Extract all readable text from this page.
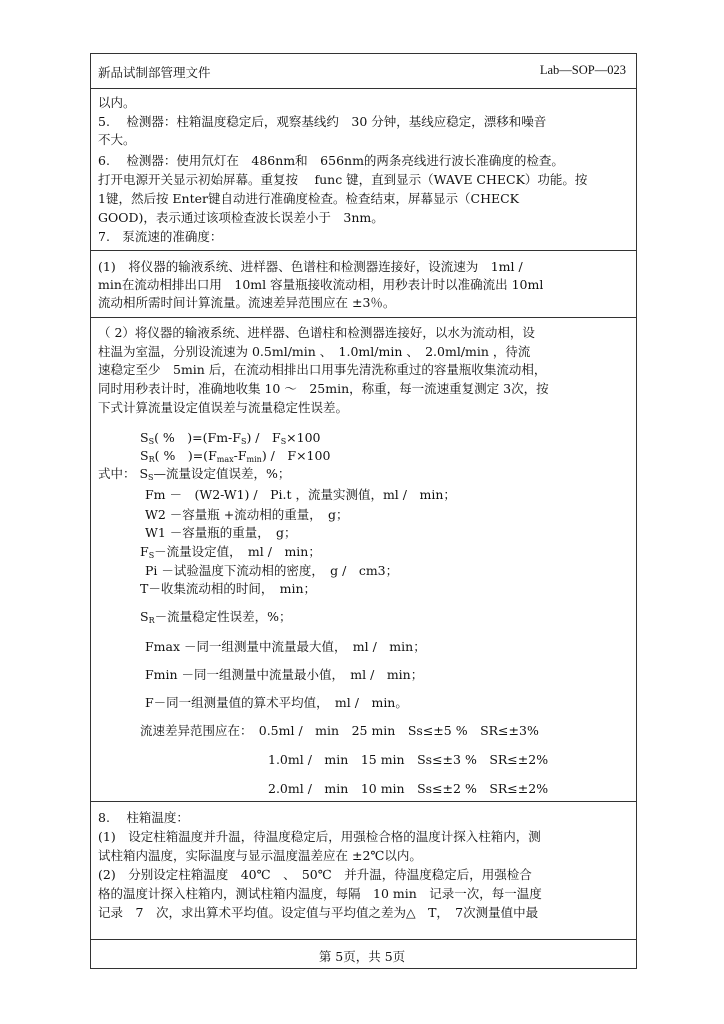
新品试制部管理文件	Lab—SOP—023
以内。
5.　 检测器：柱箱温度稳定后，观察基线约　30 分钟，基线应稳定，漂移和噪音
不大。
6.　 检测器：使用氘灯在　486nm和　656nm的两条亮线进行波长准确度的检查。
打开电源开关显示初始屏幕。重复按　 func 键，直到显示（WAVE CHECK）功能。按
1键，然后按 Enter键自动进行准确度检查。检查结束，屏幕显示（CHECK
GOOD)，表示通过该项检查波长误差小于　3nm。
7.　泵流速的准确度：
(1)　将仪器的输液系统、进样器、色谱柱和检测器连接好，设流速为　1ml /
min在流动相排出口用　10ml 容量瓶接收流动相，用秒表计时以准确流出 10ml
流动相所需时间计算流量。流速差异范围应在 ±3％。
（ 2）将仪器的输液系统、进样器、色谱柱和检测器连接好，以水为流动相，设
柱温为室温，分别设流速为 0.5ml/min 、　1.0ml/min 、　2.0ml/min ，待流
速稳定至少　5min 后，在流动相排出口用事先清洗称重过的容量瓶收集流动相，
同时用秒表计时，准确地收集 10 ～　25min，称重，每一流速重复测定 3次，按
下式计算流量设定值误差与流量稳定性误差。
$S_S$( %　)$=(Fm-F_S)$ /　$F_S\times 100$
$S_R$( %　)$=(F_{max}-F_{min})$ /　F×100
式中： $S_S—$流量设定值误差，%；
Fm －　(W2-W1) /　Pi.t ，流量实测值，ml /　min；
W2 －容量瓶 +流动相的重量，　g；
W1 －容量瓶的重量，　g；
$F_S-$流量设定值，　ml /　min；
Pi －试验温度下流动相的密度，　g /　cm3；
T－收集流动相的时间，　min；
$S_R-$流量稳定性误差，%；
Fmax －同一组测量中流量最大值，　ml /　min；
Fmin －同一组测量中流量最小值，　ml /　min；
F－同一组测量值的算术平均值，　ml /　min。
流速差异范围应在：　0.5ml /　min　25 min　Ss≤±5 %　SR≤±3%
1.0ml /　min　15 min　Ss≤±3 %　SR≤±2%
2.0ml /　min　10 min　Ss≤±2 %　SR≤±2%
8.　 柱箱温度：
(1)　设定柱箱温度并升温，待温度稳定后，用强检合格的温度计探入柱箱内，测
试柱箱内温度，实际温度与显示温度温差应在 ±2℃以内。
(2)　分别设定柱箱温度　40℃　、　50℃　并升温，待温度稳定后，用强检合
格的温度计探入柱箱内，测试柱箱内温度，每隔　10 min　记录一次，每一温度
记录　7　次，求出算术平均值。设定值与平均值之差为△　T，　7次测量值中最
第 5页，共 5页
